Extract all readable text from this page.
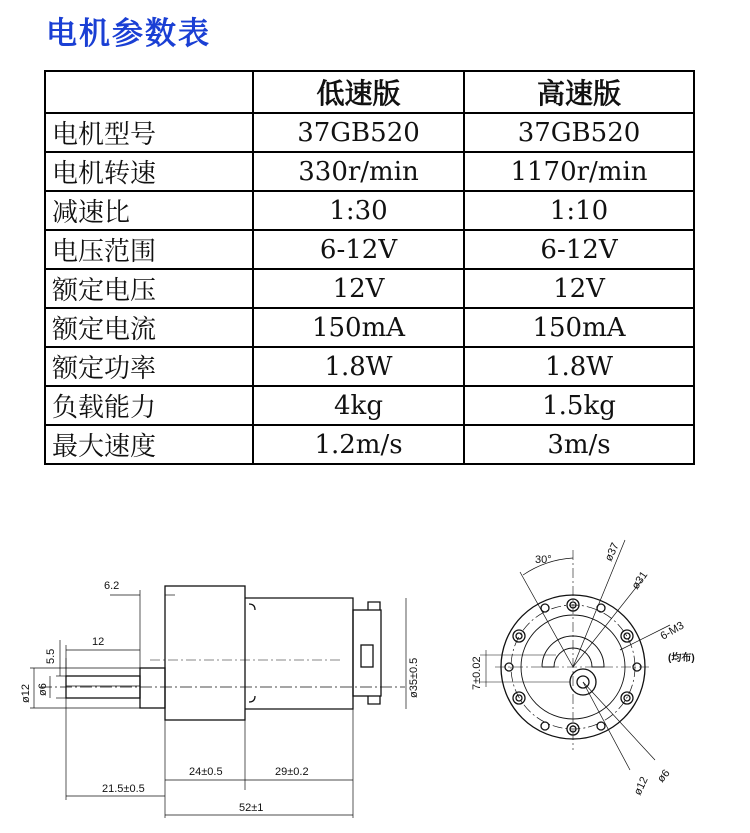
电机参数表
	低速版	高速版
电机型号	37GB520	37GB520
电机转速	330r/min	1170r/min
减速比	1:30	1:10
电压范围	6-12V	6-12V
额定电压	12V	12V
额定电流	150mA	150mA
额定功率	1.8W	1.8W
负载能力	4kg	1.5kg
最大速度	1.2m/s	3m/s
6.2
12
5.5
ø12 ø6	ø35±0.5
24±0.5	29±0.2
21.5±0.5
52±1
30°	ø37
ø31
6-M3
(均布)
7±0.02
ø12 ø6
